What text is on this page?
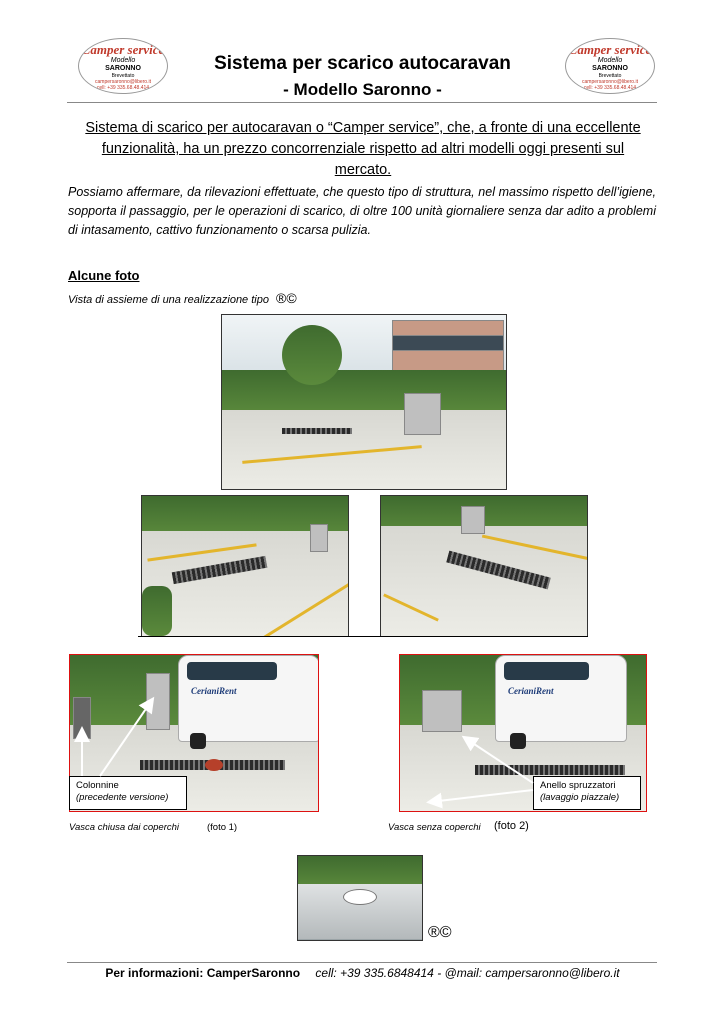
Camper service
Modello
SARONNO
Brevettato
campersaronno@libero.it
cell: +39 335.68.48.414
Camper service
Modello
SARONNO
Brevettato
campersaronno@libero.it
cell: +39 335.68.48.414
Sistema per scarico autocaravan
- Modello Saronno -
Sistema di scarico per autocaravan o “Camper service”, che, a fronte di una eccellente funzionalità, ha un prezzo concorrenziale rispetto ad altri modelli oggi presenti sul mercato.
Possiamo affermare, da rilevazioni effettuate, che questo tipo di struttura, nel massimo rispetto dell’igiene, sopporta il passaggio, per le operazioni di scarico, di oltre 100 unità giornaliere senza dar adito a problemi di intasamento, cattivo funzionamento o scarsa pulizia.
Alcune foto
Vista di assieme di una realizzazione tipo ®©
CerianiRent	CerianiRent
Colonnine
(precedente versione)
Anello spruzzatori
(lavaggio piazzale)
Vasca chiusa dai coperchi	(foto 1)	Vasca senza coperchi (foto 2)
®©
Per informazioni: CamperSaronno cell: +39 335.6848414 - @mail: campersaronno@libero.it
